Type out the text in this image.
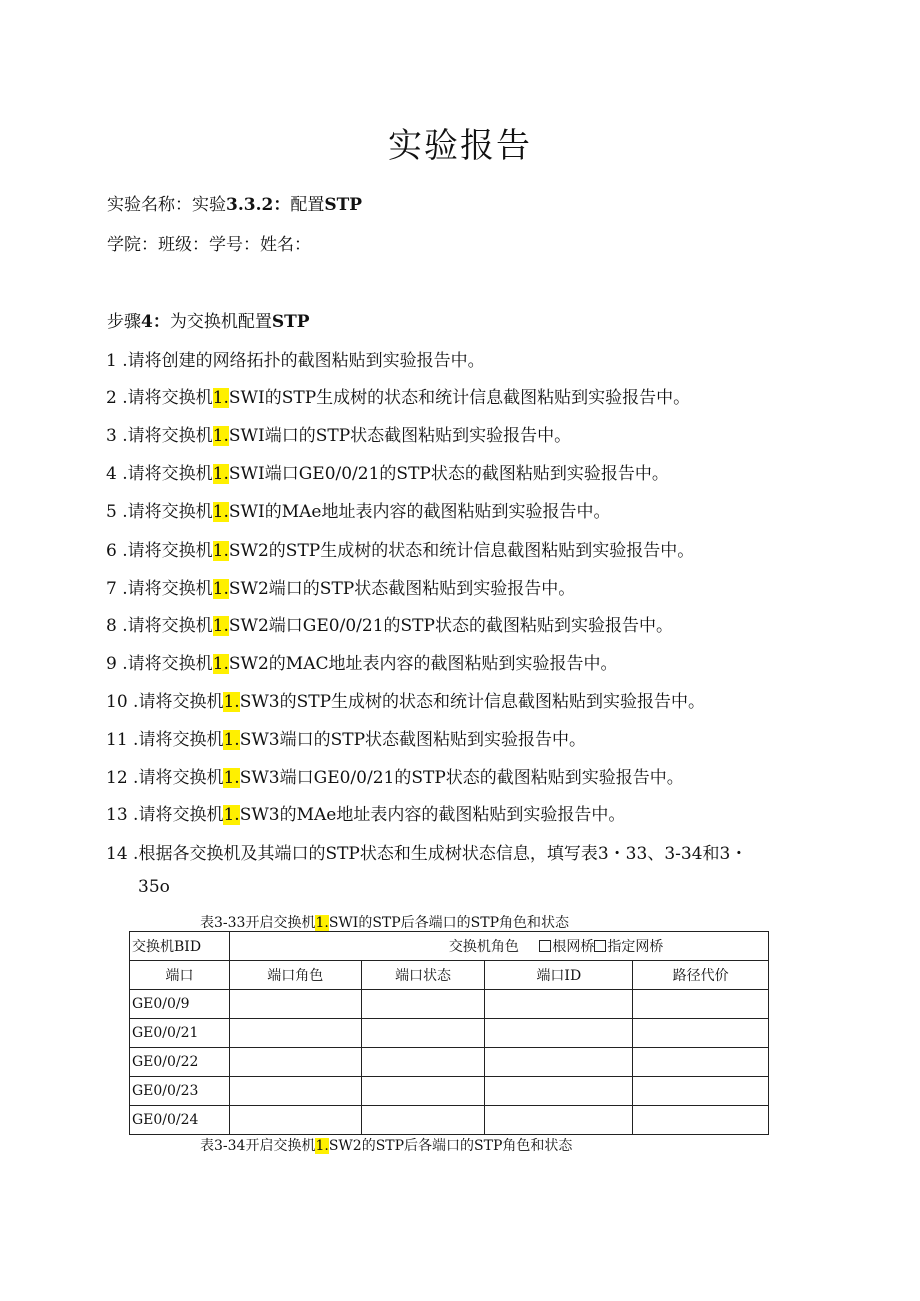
实验报告
实验名称：实验3.3.2：配置STP
学院：班级：学号：姓名：
步骤4：为交换机配置STP
1 .请将创建的网络拓扑的截图粘贴到实验报告中。
2 .请将交换机1.SWI的STP生成树的状态和统计信息截图粘贴到实验报告中。
3 .请将交换机1.SWI端口的STP状态截图粘贴到实验报告中。
4 .请将交换机1.SWI端口GE0/0/21的STP状态的截图粘贴到实验报告中。
5 .请将交换机1.SWI的MAe地址表内容的截图粘贴到实验报告中。
6 .请将交换机1.SW2的STP生成树的状态和统计信息截图粘贴到实验报告中。
7 .请将交换机1.SW2端口的STP状态截图粘贴到实验报告中。
8 .请将交换机1.SW2端口GE0/0/21的STP状态的截图粘贴到实验报告中。
9 .请将交换机1.SW2的MAC地址表内容的截图粘贴到实验报告中。
10 .请将交换机1.SW3的STP生成树的状态和统计信息截图粘贴到实验报告中。
11 .请将交换机1.SW3端口的STP状态截图粘贴到实验报告中。
12 .请将交换机1.SW3端口GE0/0/21的STP状态的截图粘贴到实验报告中。
13 .请将交换机1.SW3的MAe地址表内容的截图粘贴到实验报告中。
14 .根据各交换机及其端口的STP状态和生成树状态信息，填写表3・33、3-34和3・
35o
表3-33开启交换机1.SWI的STP后各端口的STP角色和状态
交换机BID	交换机角色 根网桥 指定网桥			
端口	端口角色	端口状态	端口ID	路径代价
GE0/0/9				
GE0/0/21				
GE0/0/22				
GE0/0/23				
GE0/0/24				
表3-34开启交换机1.SW2的STP后各端口的STP角色和状态
